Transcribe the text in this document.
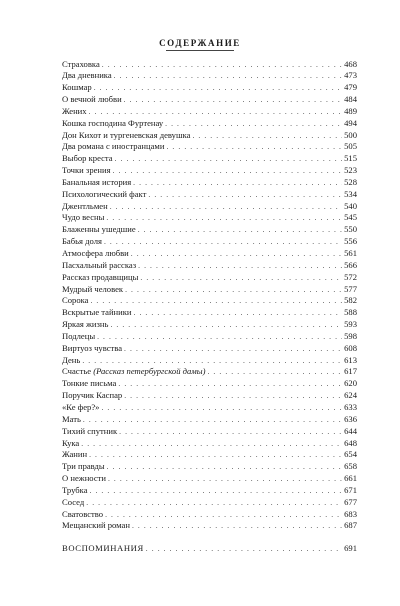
СОДЕРЖАНИЕ
Страховка . . .	468
Два дневника . . .	473
Кошмар . . .	479
О вечной любви . . .	484
Жених . . .	489
Кошка господина Фуртенау . . .	494
Дон Кихот и тургеневская девушка . . .	500
Два романа с иностранцами . . .	505
Выбор креста . . .	515
Точки зрения . . .	523
Банальная история . . .	528
Психологический факт . . .	534
Джентльмен . . .	540
Чудо весны . . .	545
Блаженны ушедшие . . .	550
Бабья доля . . .	556
Атмосфера любви . . .	561
Пасхальный рассказ . . .	566
Рассказ продавщицы . . .	572
Мудрый человек . . .	577
Сорока . . .	582
Вскрытые тайники . . .	588
Яркая жизнь . . .	593
Подлецы . . .	598
Виртуоз чувства . . .	608
День . . .	613
Счастье (Рассказ петербургской дамы) . . .	617
Тонкие письма . . .	620
Поручик Каспар . . .	624
«Ке фер?» . . .	633
Мать . . .	636
Тихий спутник . . .	644
Кука . . .	648
Жанин . . .	654
Три правды . . .	658
О нежности . . .	661
Трубка . . .	671
Сосед . . .	677
Сватовство . . .	683
Мещанский роман . . .	687
ВОСПОМИНАНИЯ . . .	691
